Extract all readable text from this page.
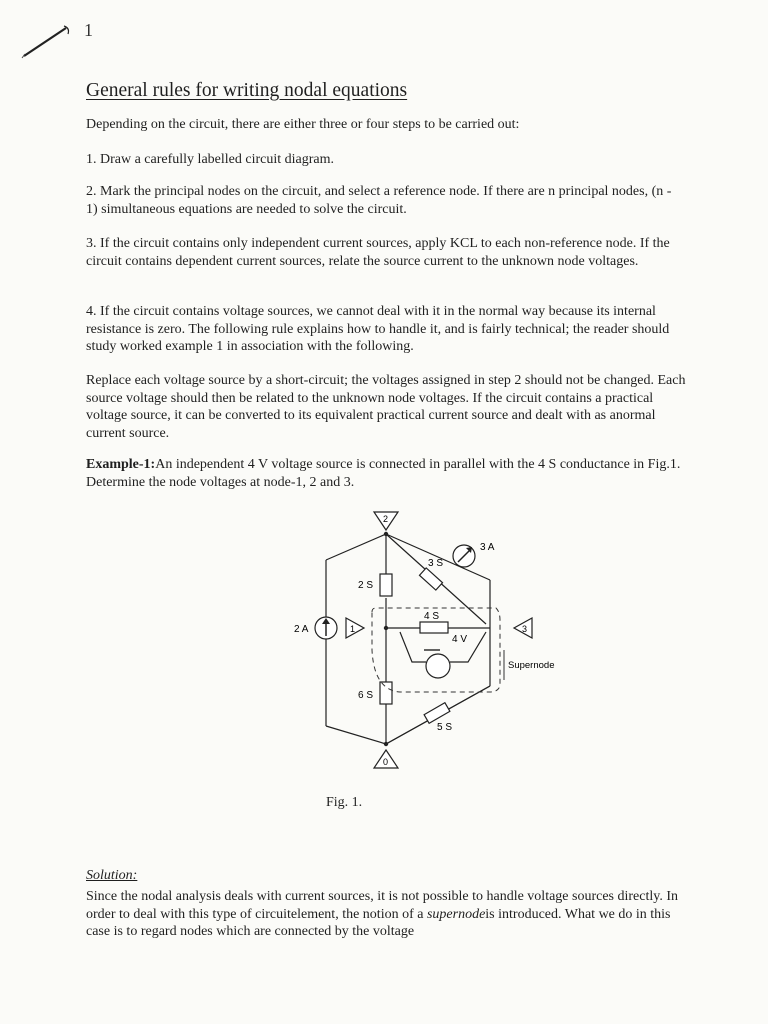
1
General rules for writing nodal equations

Depending on the circuit, there are either three or four steps to be carried out:

1. Draw a carefully labelled circuit diagram.

2. Mark the principal nodes on the circuit, and select a reference node. If there are n principal nodes, (n - 1) simultaneous equations are needed to solve the circuit.

3. If the circuit contains only independent current sources, apply KCL to each non-reference node. If the circuit contains dependent current sources, relate the source current to the unknown node voltages.

4. If the circuit contains voltage sources, we cannot deal with it in the normal way because its internal resistance is zero. The following rule explains how to handle it, and is fairly technical; the reader should study worked example 1 in association with the following.

Replace each voltage source by a short-circuit; the voltages assigned in step 2 should not be changed. Each source voltage should then be related to the unknown node voltages. If the circuit contains a practical voltage source, it can be converted to its equivalent practical current source and dealt with as anormal current source.

Example-1:An independent 4 V voltage source is connected in parallel with the 4 S conductance in Fig.1. Determine the node voltages at node-1, 2 and 3.

2 S
6 S
3 S
4 S
5 S
4 V
2 A
3 A
Supernode
2
1	3
0
Fig. 1.
Solution:

Since the nodal analysis deals with current sources, it is not possible to handle voltage sources directly. In order to deal with this type of circuitelement, the notion of a supernodeis introduced. What we do in this case is to regard nodes which are connected by the voltage
